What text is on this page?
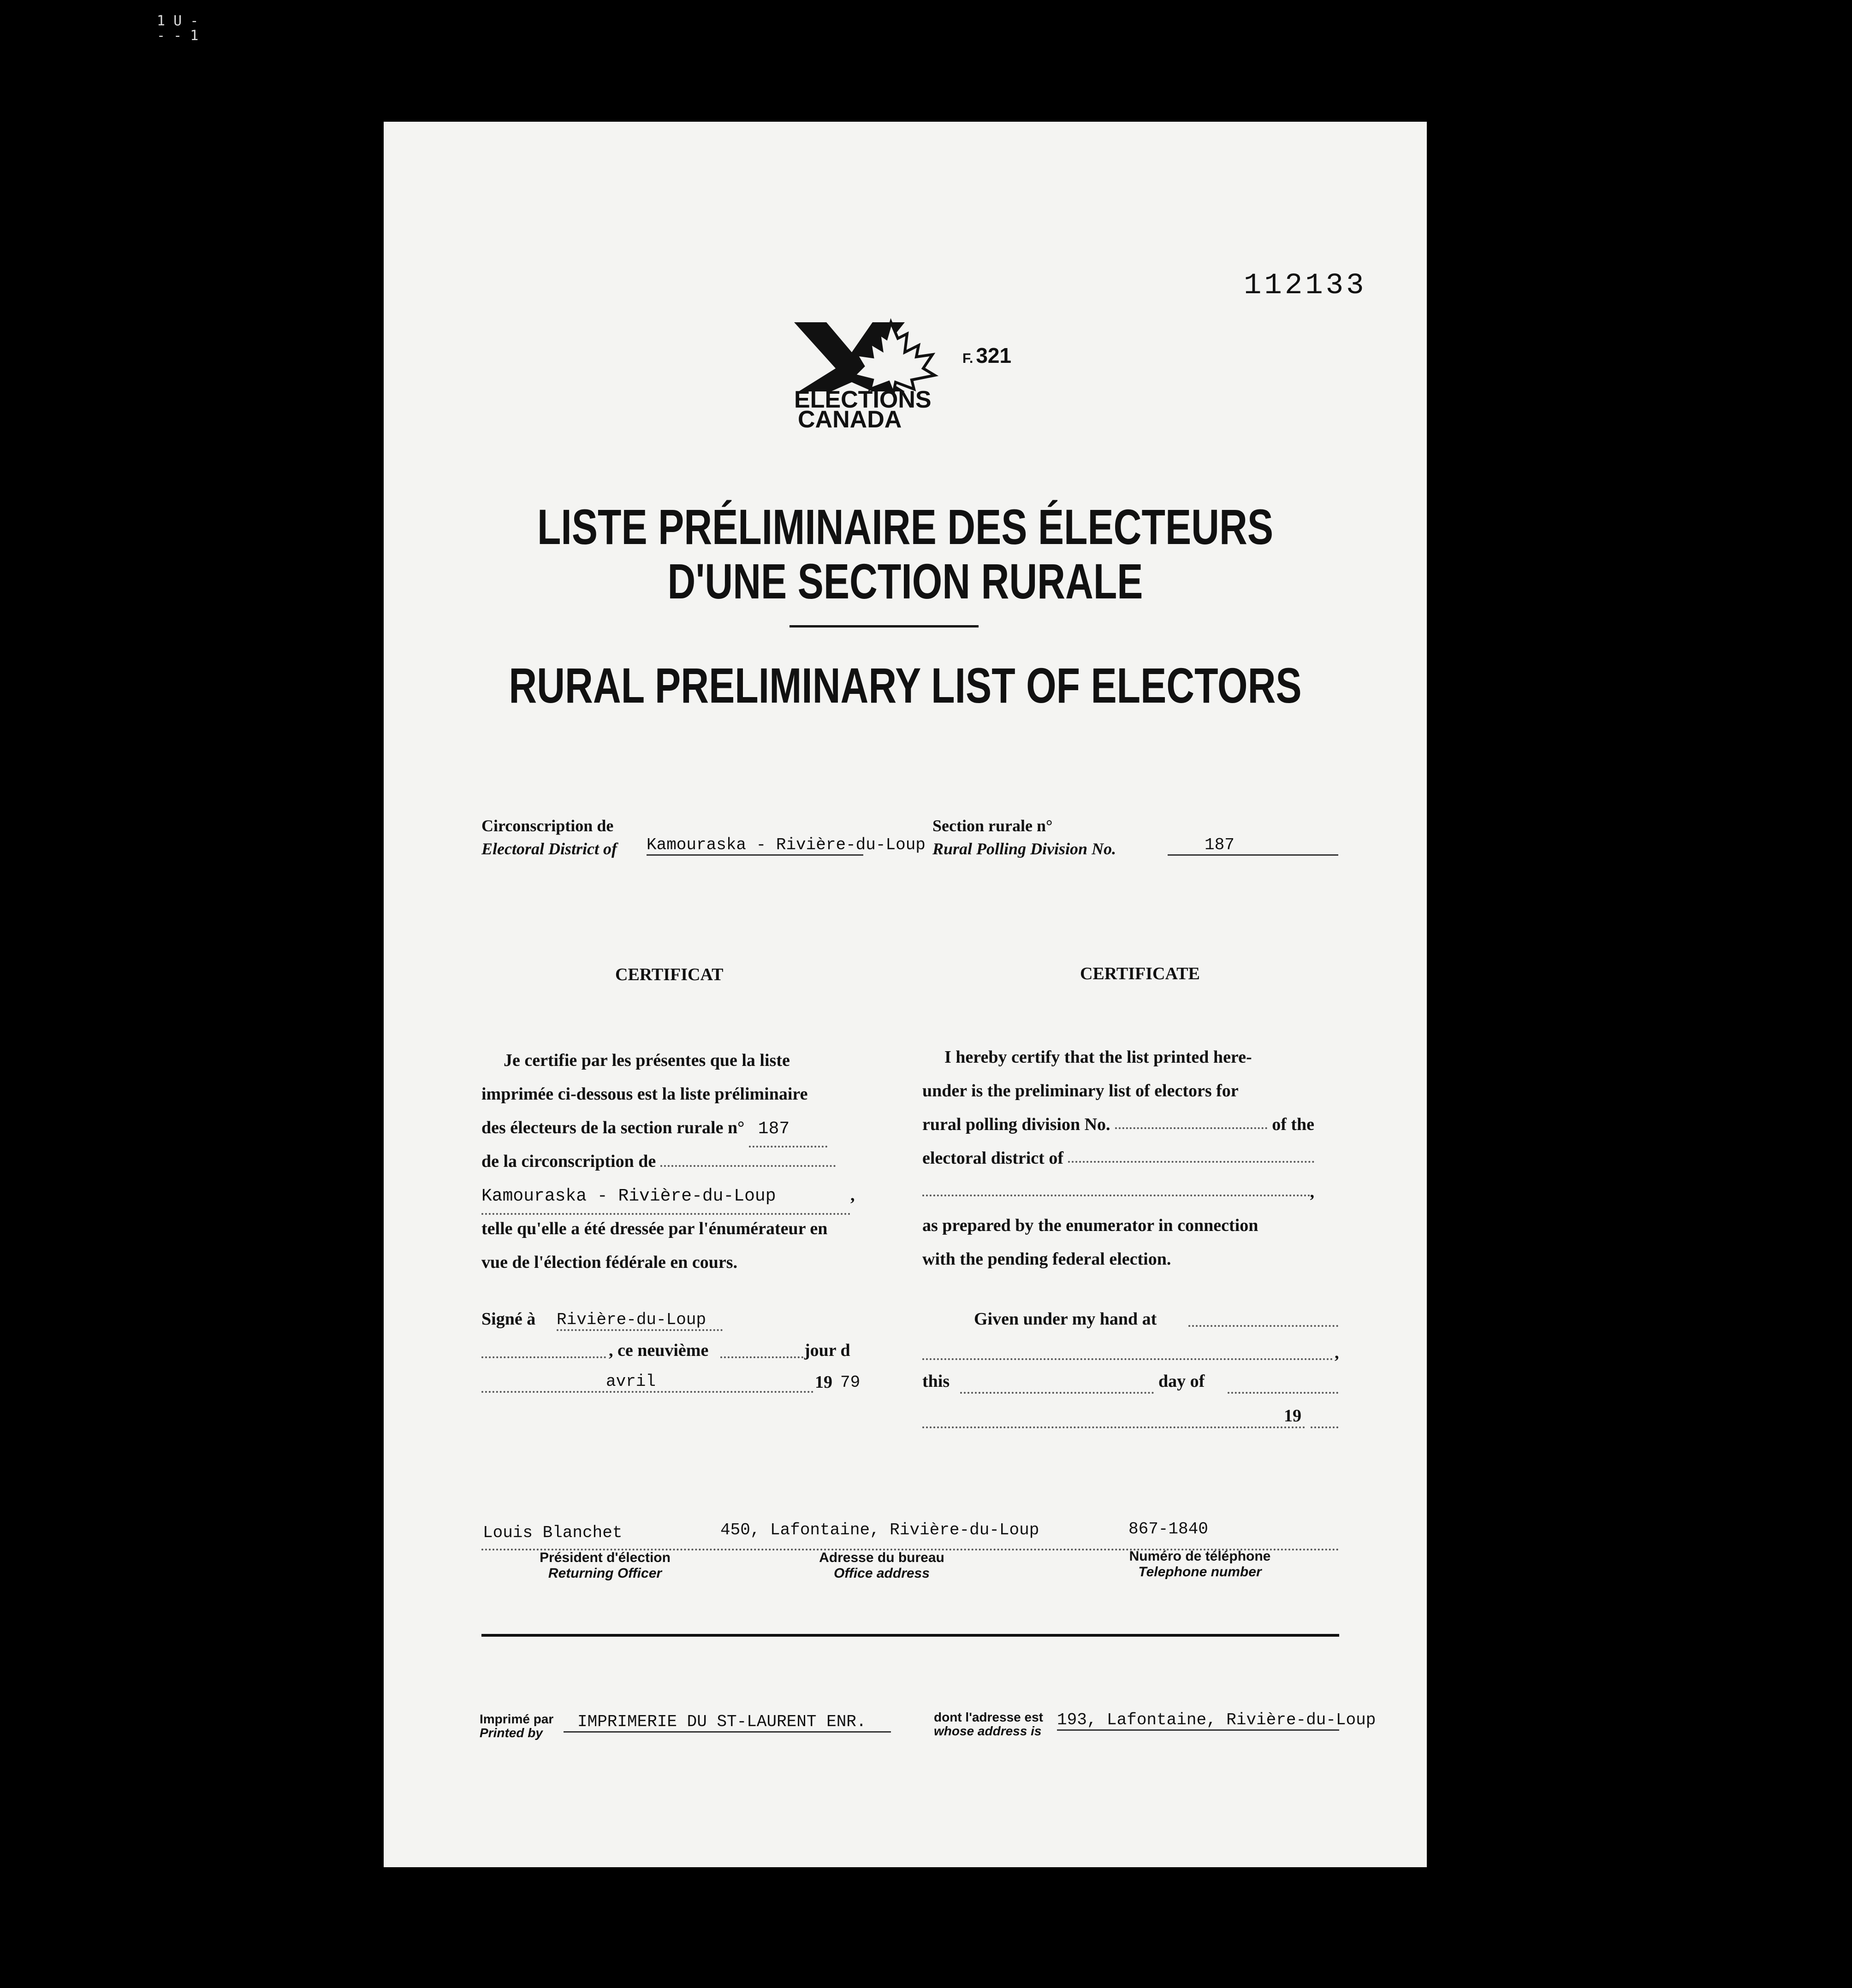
1 U -
- - 1
112133
ELECTIONS
CANADA
F. 321
LISTE PRÉLIMINAIRE DES ÉLECTEURS
D'UNE SECTION RURALE
RURAL PRELIMINARY LIST OF ELECTORS
Circonscription de
Electoral District of Kamouraska - Rivière-du-Loup
Section rurale n°
Rural Polling Division No.	187
CERTIFICAT	CERTIFICATE
Je certifie par les présentes que la liste
imprimée ci-dessous est la liste préliminaire
des électeurs de la section rurale n° 187
de la circonscription de
Kamouraska - Rivière-du-Loup	,
telle qu'elle a été dressée par l'énumérateur en
vue de l'élection fédérale en cours.
Signé à Rivière-du-Loup
, ce neuvième	jour d
avril	19 79
I hereby certify that the list printed here-
under is the preliminary list of electors for
rural polling division No.	of the
electoral district of
,
as prepared by the enumerator in connection
with the pending federal election.
Given under my hand at
,
this	day of
19
Louis Blanchet	450, Lafontaine, Rivière-du-Loup	867-1840
Président d'élection
Returning Officer
Adresse du bureau
Office address
Numéro de téléphone
Telephone number
Imprimé par
Printed by
IMPRIMERIE DU ST-LAURENT ENR.	dont l'adresse est
whose address is
193, Lafontaine, Rivière-du-Loup
